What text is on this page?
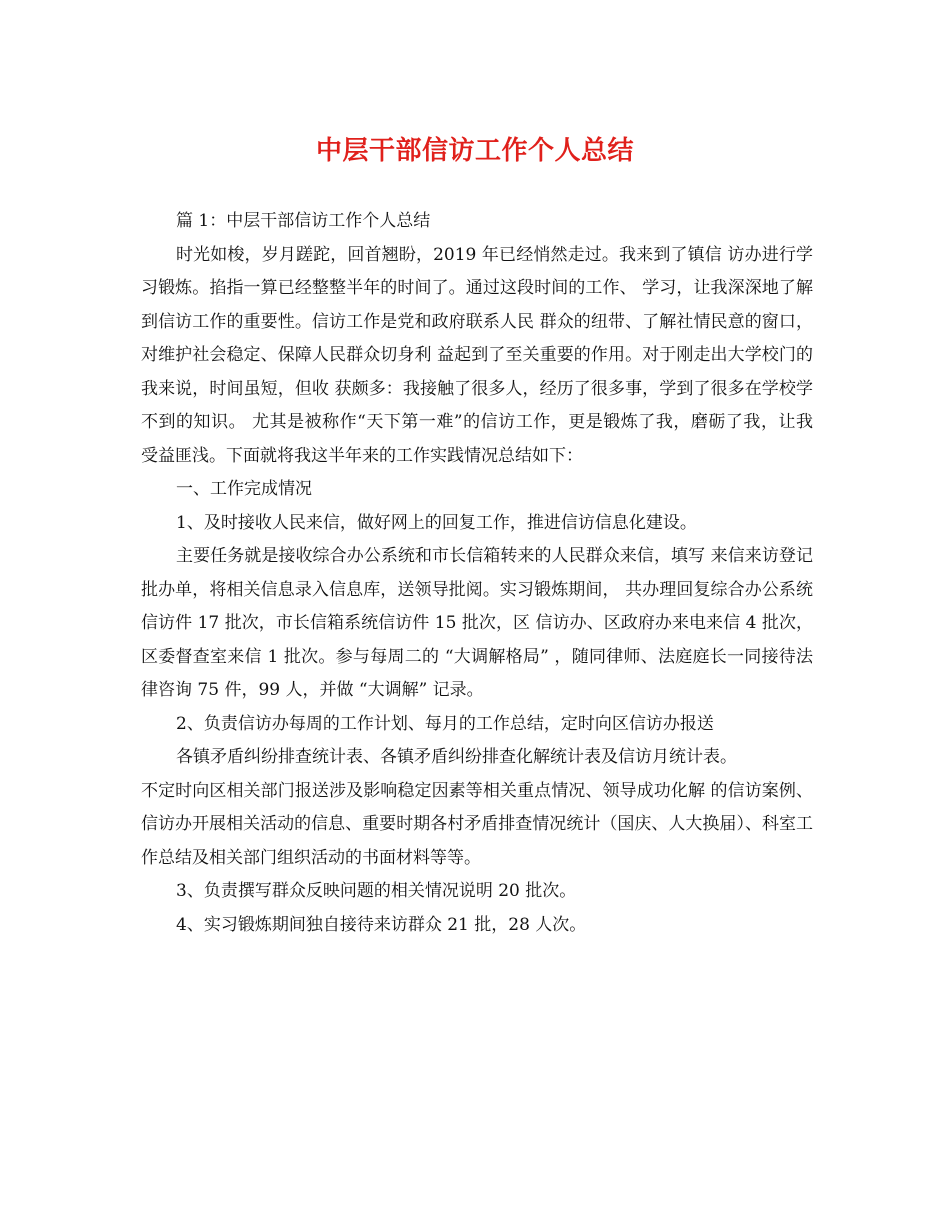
中层干部信访工作个人总结

篇 1：中层干部信访工作个人总结

时光如梭，岁月蹉跎，回首翘盼，2019 年已经悄然走过。我来到了镇信 访办进行学习锻炼。掐指一算已经整整半年的时间了。通过这段时间的工作、 学习，让我深深地了解到信访工作的重要性。信访工作是党和政府联系人民 群众的纽带、了解社情民意的窗口，对维护社会稳定、保障人民群众切身利 益起到了至关重要的作用。对于刚走出大学校门的我来说，时间虽短，但收 获颇多：我接触了很多人，经历了很多事，学到了很多在学校学不到的知识。 尤其是被称作“天下第一难”的信访工作，更是锻炼了我，磨砺了我，让我 受益匪浅。下面就将我这半年来的工作实践情况总结如下：

一、工作完成情况

1、及时接收人民来信，做好网上的回复工作，推进信访信息化建设。

主要任务就是接收综合办公系统和市长信箱转来的人民群众来信，填写 来信来访登记批办单，将相关信息录入信息库，送领导批阅。实习锻炼期间， 共办理回复综合办公系统信访件 17 批次，市长信箱系统信访件 15 批次，区 信访办、区政府办来电来信 4 批次，区委督查室来信 1 批次。参与每周二的 “大调解格局” ，随同律师、法庭庭长一同接待法律咨询 75 件，99 人，并做 “大调解” 记录。

2、负责信访办每周的工作计划、每月的工作总结，定时向区信访办报送

各镇矛盾纠纷排查统计表、各镇矛盾纠纷排查化解统计表及信访月统计表。

不定时向区相关部门报送涉及影响稳定因素等相关重点情况、领导成功化解 的信访案例、信访办开展相关活动的信息、重要时期各村矛盾排查情况统计（国庆、人大换届）、科室工作总结及相关部门组织活动的书面材料等等。

3、负责撰写群众反映问题的相关情况说明 20 批次。

4、实习锻炼期间独自接待来访群众 21 批，28 人次。
